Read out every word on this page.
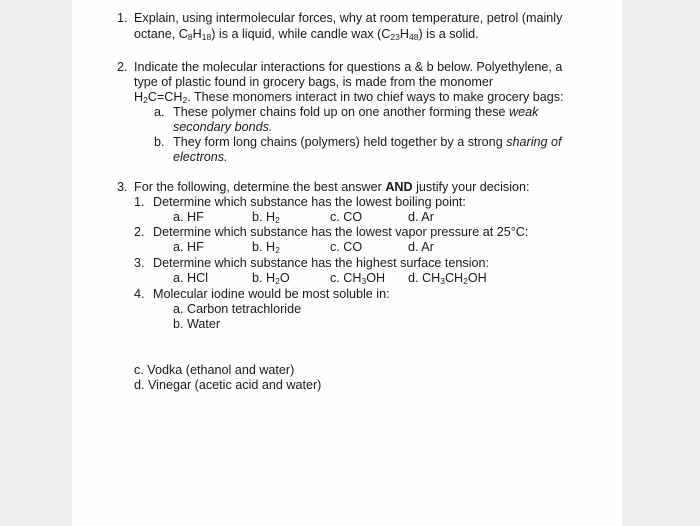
1. Explain, using intermolecular forces, why at room temperature, petrol (mainly
octane, $C_8H_{18}$) is a liquid, while candle wax $(C_{23}H_{48})$ is a solid.
2. Indicate the molecular interactions for questions a & b below. Polyethylene, a
type of plastic found in grocery bags, is made from the monomer
$H_2C=CH_2$. These monomers interact in two chief ways to make grocery bags:
a. These polymer chains fold up on one another forming these weak
secondary bonds.
b. They form long chains (polymers) held together by a strong sharing of
electrons.
3. For the following, determine the best answer AND justify your decision:
1. Determine which substance has the lowest boiling point:
a. HF	b. $H_2$	c. CO	d. Ar
2. Determine which substance has the lowest vapor pressure at 25°C:
a. HF	b. $H_2$	c. CO	d. Ar
3. Determine which substance has the highest surface tension:
a. HCl	b. $H_2O$	c. $CH_3OH$ d. $CH_3CH_2OH$
4. Molecular iodine would be most soluble in:
a. Carbon tetrachloride
b. Water
c. Vodka (ethanol and water)
d. Vinegar (acetic acid and water)
